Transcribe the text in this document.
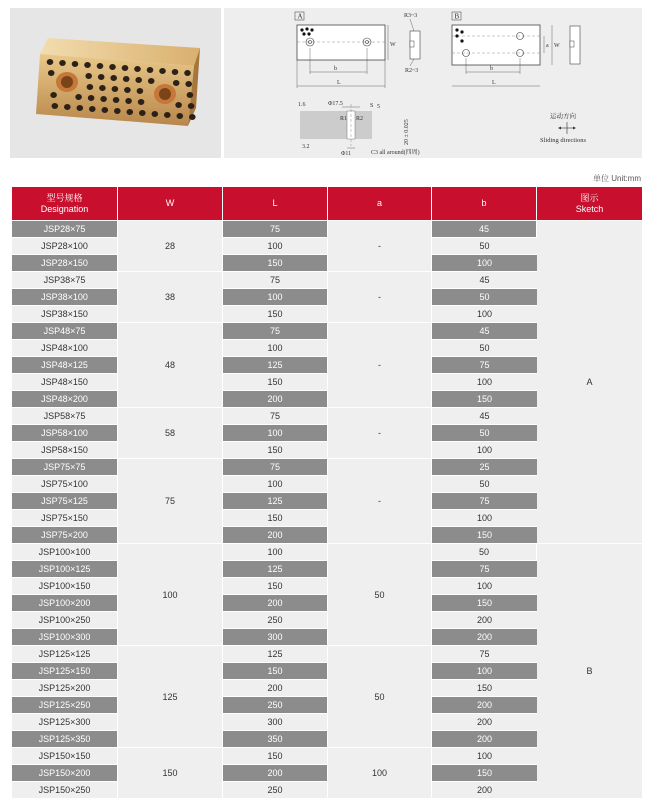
A
W
b
L
R3~3
R2~3
B
a W
b
L
Φ17.5
Φ11
S
R1 R2
1.6
3.2
5
20 ± 0.025
C3 all around(四周)
运动方向
Sliding directions
单位 Unit:mm
型号规格
Designation	W	L	a	b	图示
Sketch
JSP28×75	28	75	-	45	A
JSP28×100		100		50	
JSP28×150		150		100	
JSP38×75	38	75	-	45	
JSP38×100		100		50	
JSP38×150		150		100	
JSP48×75	48	75	-	45	
JSP48×100		100		50	
JSP48×125		125		75	
JSP48×150		150		100	
JSP48×200		200		150	
JSP58×75	58	75	-	45	
JSP58×100		100		50	
JSP58×150		150		100	
JSP75×75	75	75	-	25	
JSP75×100		100		50	
JSP75×125		125		75	
JSP75×150		150		100	
JSP75×200		200		150	
JSP100×100	100	100	50	50	B
JSP100×125		125		75	
JSP100×150		150		100	
JSP100×200		200		150	
JSP100×250		250		200	
JSP100×300		300		200	
JSP125×125	125	125	50	75	
JSP125×150		150		100	
JSP125×200		200		150	
JSP125×250		250		200	
JSP125×300		300		200	
JSP125×350		350		200	
JSP150×150	150	150	100	100	
JSP150×200		200		150	
JSP150×250		250		200	
